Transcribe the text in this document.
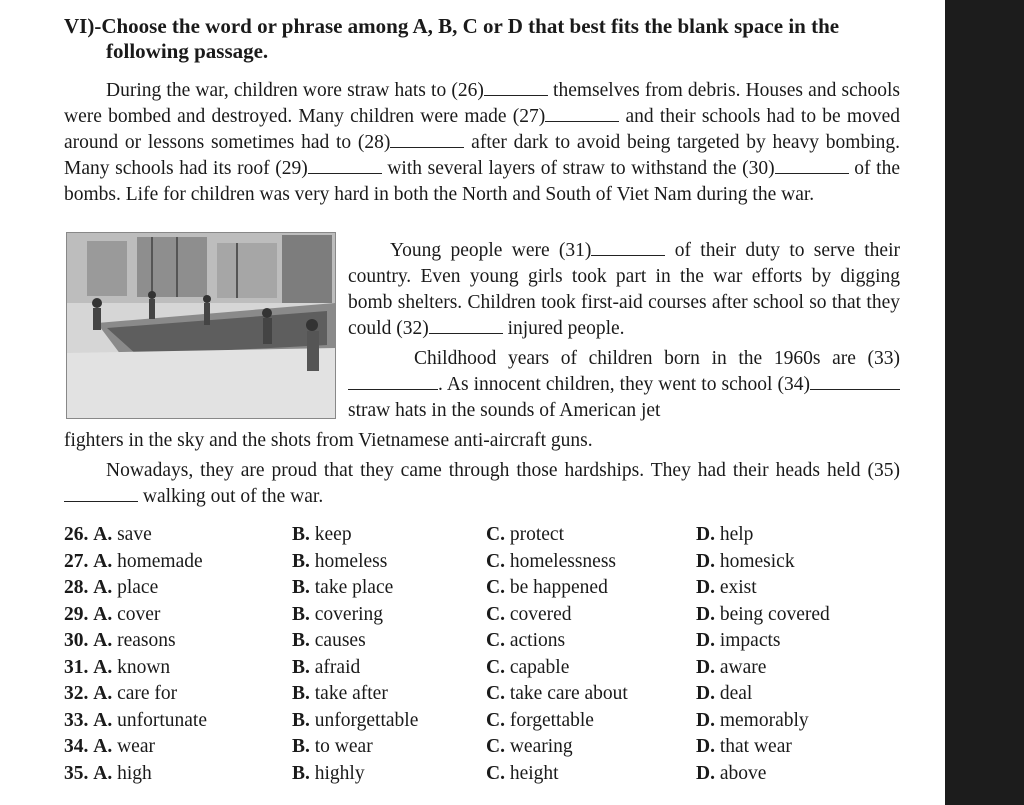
VI)-Choose the word or phrase among A, B, C or D that best fits the blank space in the
following passage.
During the war, children wore straw hats to (26)	themselves from debris. Houses and schools were bombed and destroyed. Many children were made (27)	and their schools had to be moved around or lessons sometimes had to (28)	after dark to avoid being targeted by heavy bombing. Many schools had its roof (29)	with several layers of straw to withstand the (30)	of the bombs. Life for children was very hard in both the North and South of Viet Nam during the war.
Young people were (31)	of their duty to serve their country. Even young girls took part in the war efforts by digging bomb shelters. Children took first-aid courses after school so that they could (32)	injured people.
Childhood years of children born in the 1960s are (33). As innocent children, they went to school (34) straw hats in the sounds of American jet
fighters in the sky and the shots from Vietnamese anti-aircraft guns.
Nowadays, they are proud that they came through those hardships. They had their heads held (35) walking out of the war.
26. A. save	B. keep	C. protect	D. help
27. A. homemade	B. homeless	C. homelessness	D. homesick
28. A. place	B. take place	C. be happened	D. exist
29. A. cover	B. covering	C. covered	D. being covered
30. A. reasons	B. causes	C. actions	D. impacts
31. A. known	B. afraid	C. capable	D. aware
32. A. care for	B. take after	C. take care about	D. deal
33. A. unfortunate	B. unforgettable	C. forgettable	D. memorably
34. A. wear	B. to wear	C. wearing	D. that wear
35. A. high	B. highly	C. height	D. above
